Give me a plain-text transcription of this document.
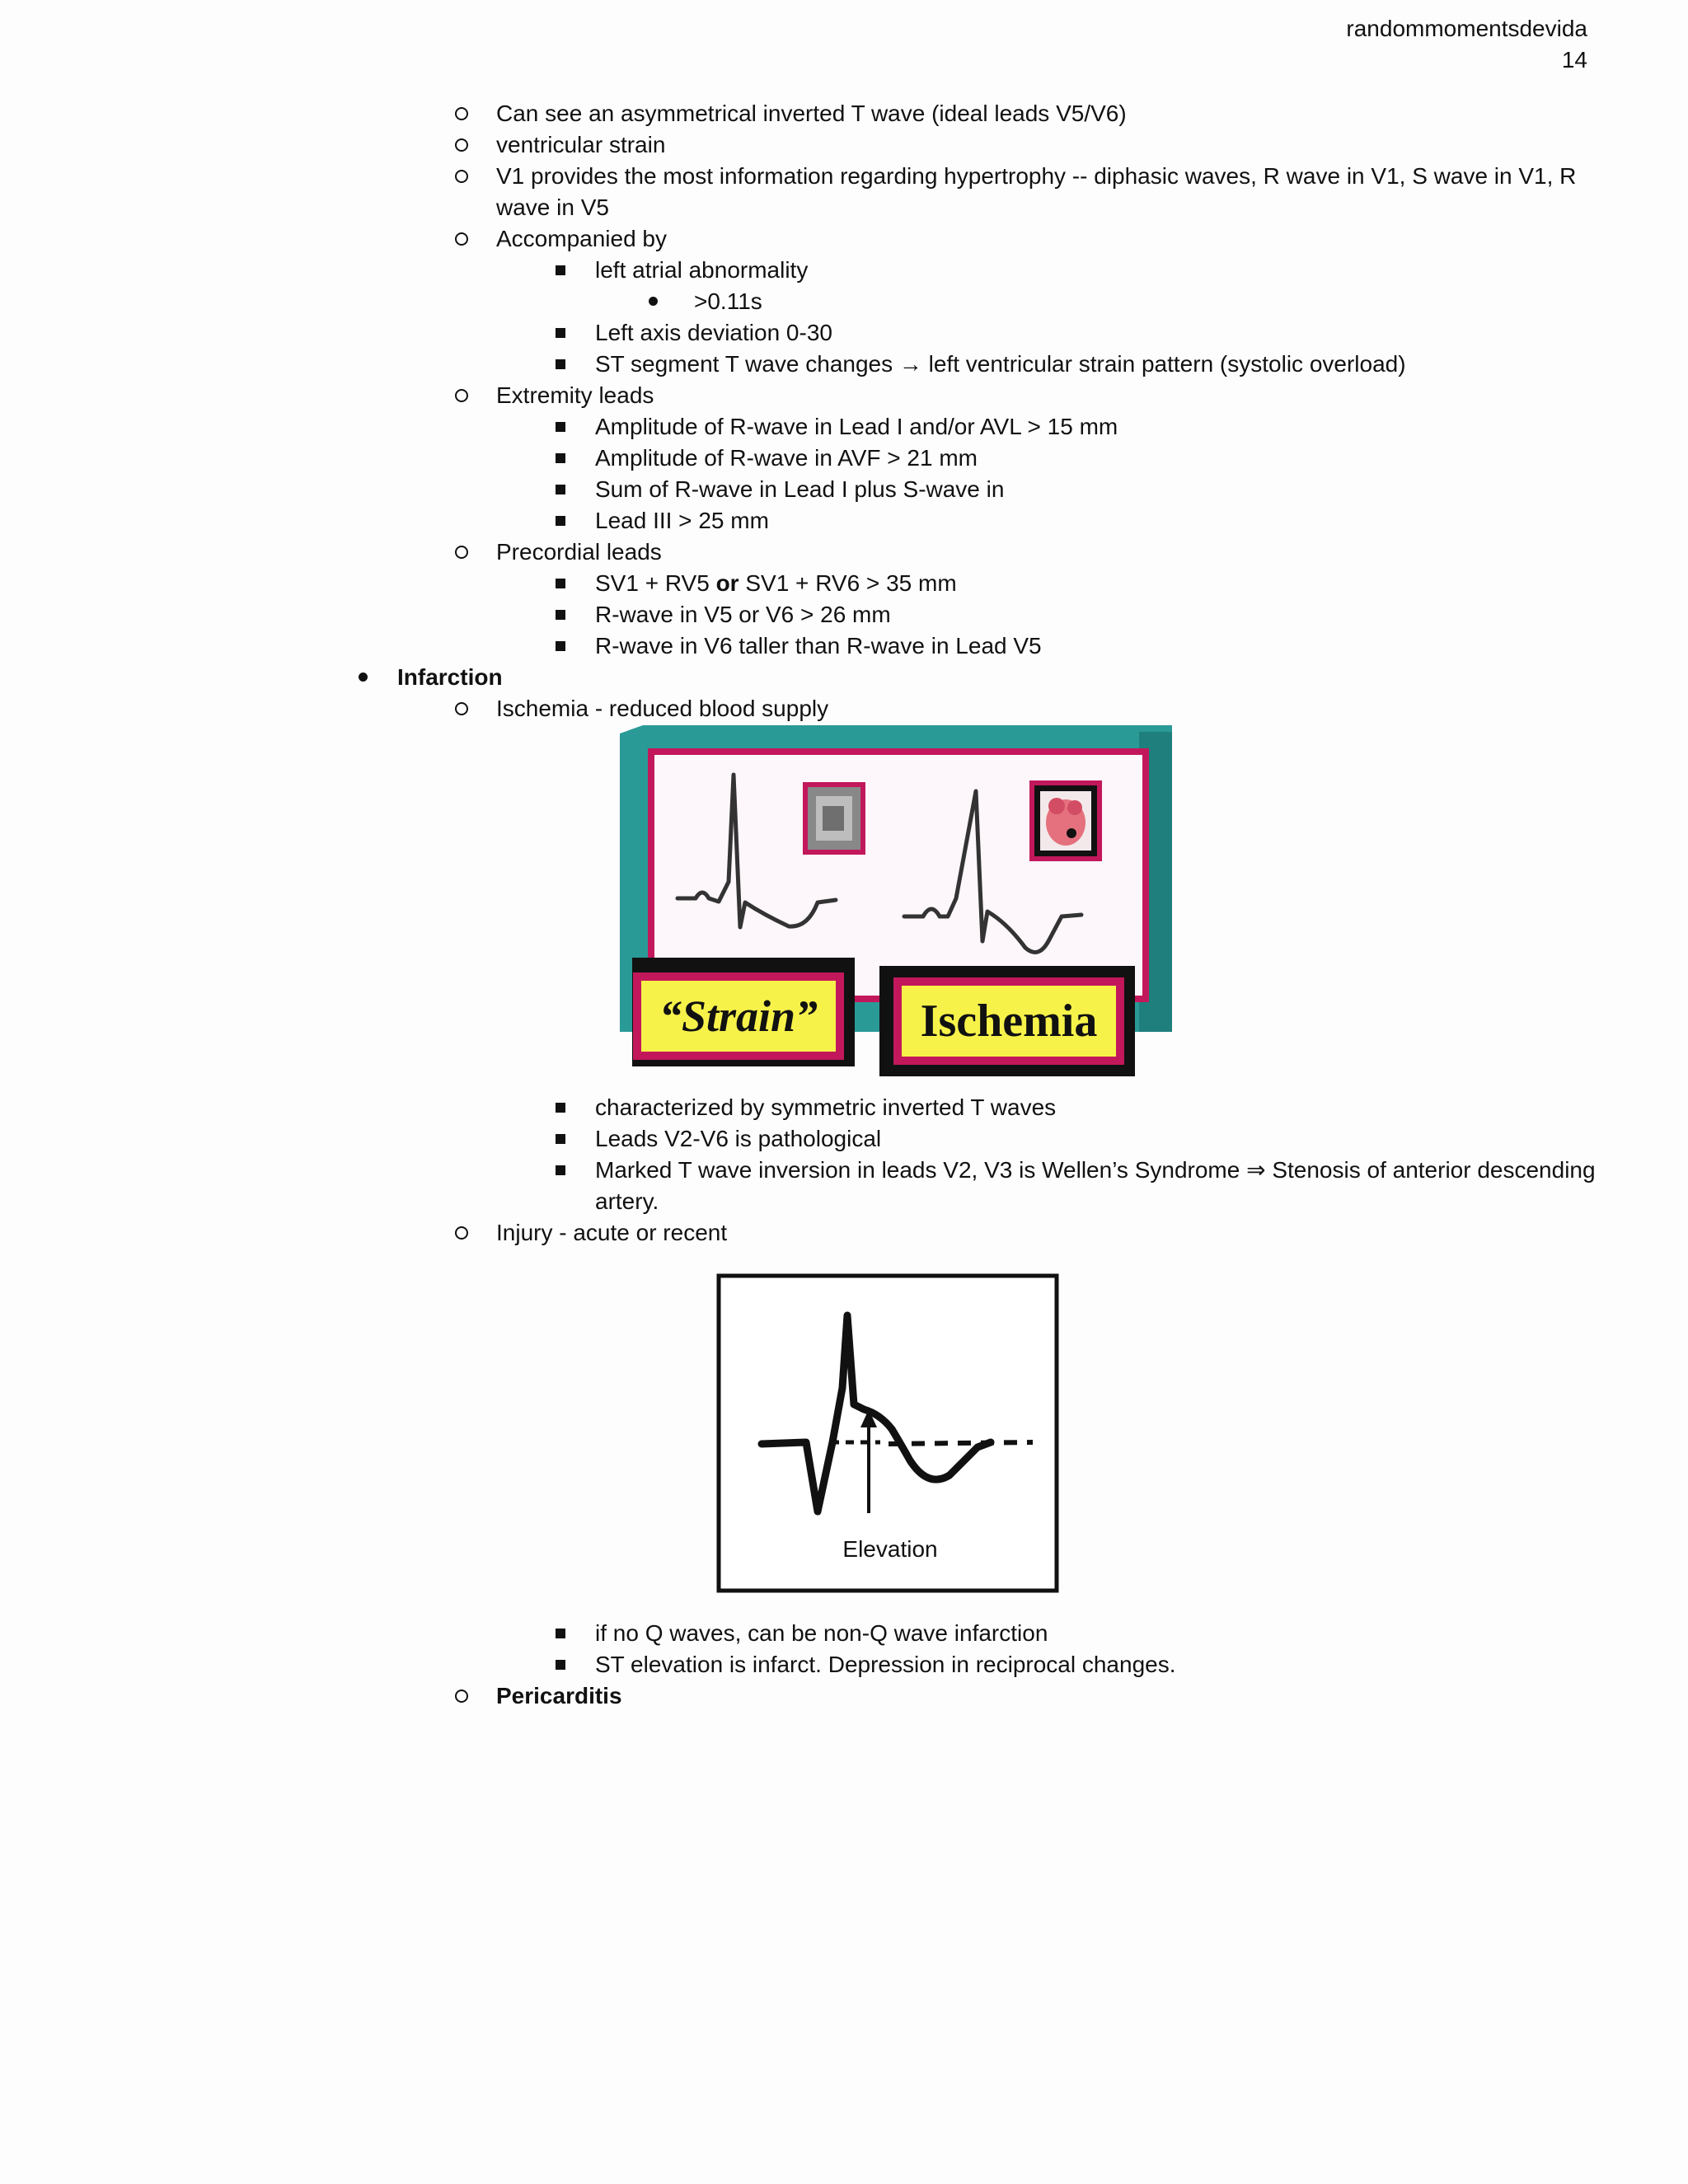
randommomentsdevida
14
Can see an asymmetrical inverted T wave (ideal leads V5/V6)
ventricular strain
V1 provides the most information regarding hypertrophy -- diphasic waves, R wave in V1, S wave in V1, R
wave in V5
Accompanied by
left atrial abnormality
>0.11s
Left axis deviation 0-30
ST segment T wave changes → left ventricular strain pattern (systolic overload)
Extremity leads
Amplitude of R-wave in Lead I and/or AVL > 15 mm
Amplitude of R-wave in AVF > 21 mm
Sum of R-wave in Lead I plus S-wave in
Lead III > 25 mm
Precordial leads
SV1 + RV5 or SV1 + RV6 > 35 mm
R-wave in V5 or V6 > 26 mm
R-wave in V6 taller than R-wave in Lead V5
Infarction
Ischemia - reduced blood supply
“Strain”	Ischemia
characterized by symmetric inverted T waves
Leads V2-V6 is pathological
Marked T wave inversion in leads V2, V3 is Wellen’s Syndrome ⇒ Stenosis of anterior descending
artery.
Injury - acute or recent
Elevation
if no Q waves, can be non-Q wave infarction
ST elevation is infarct. Depression in reciprocal changes.
Pericarditis
